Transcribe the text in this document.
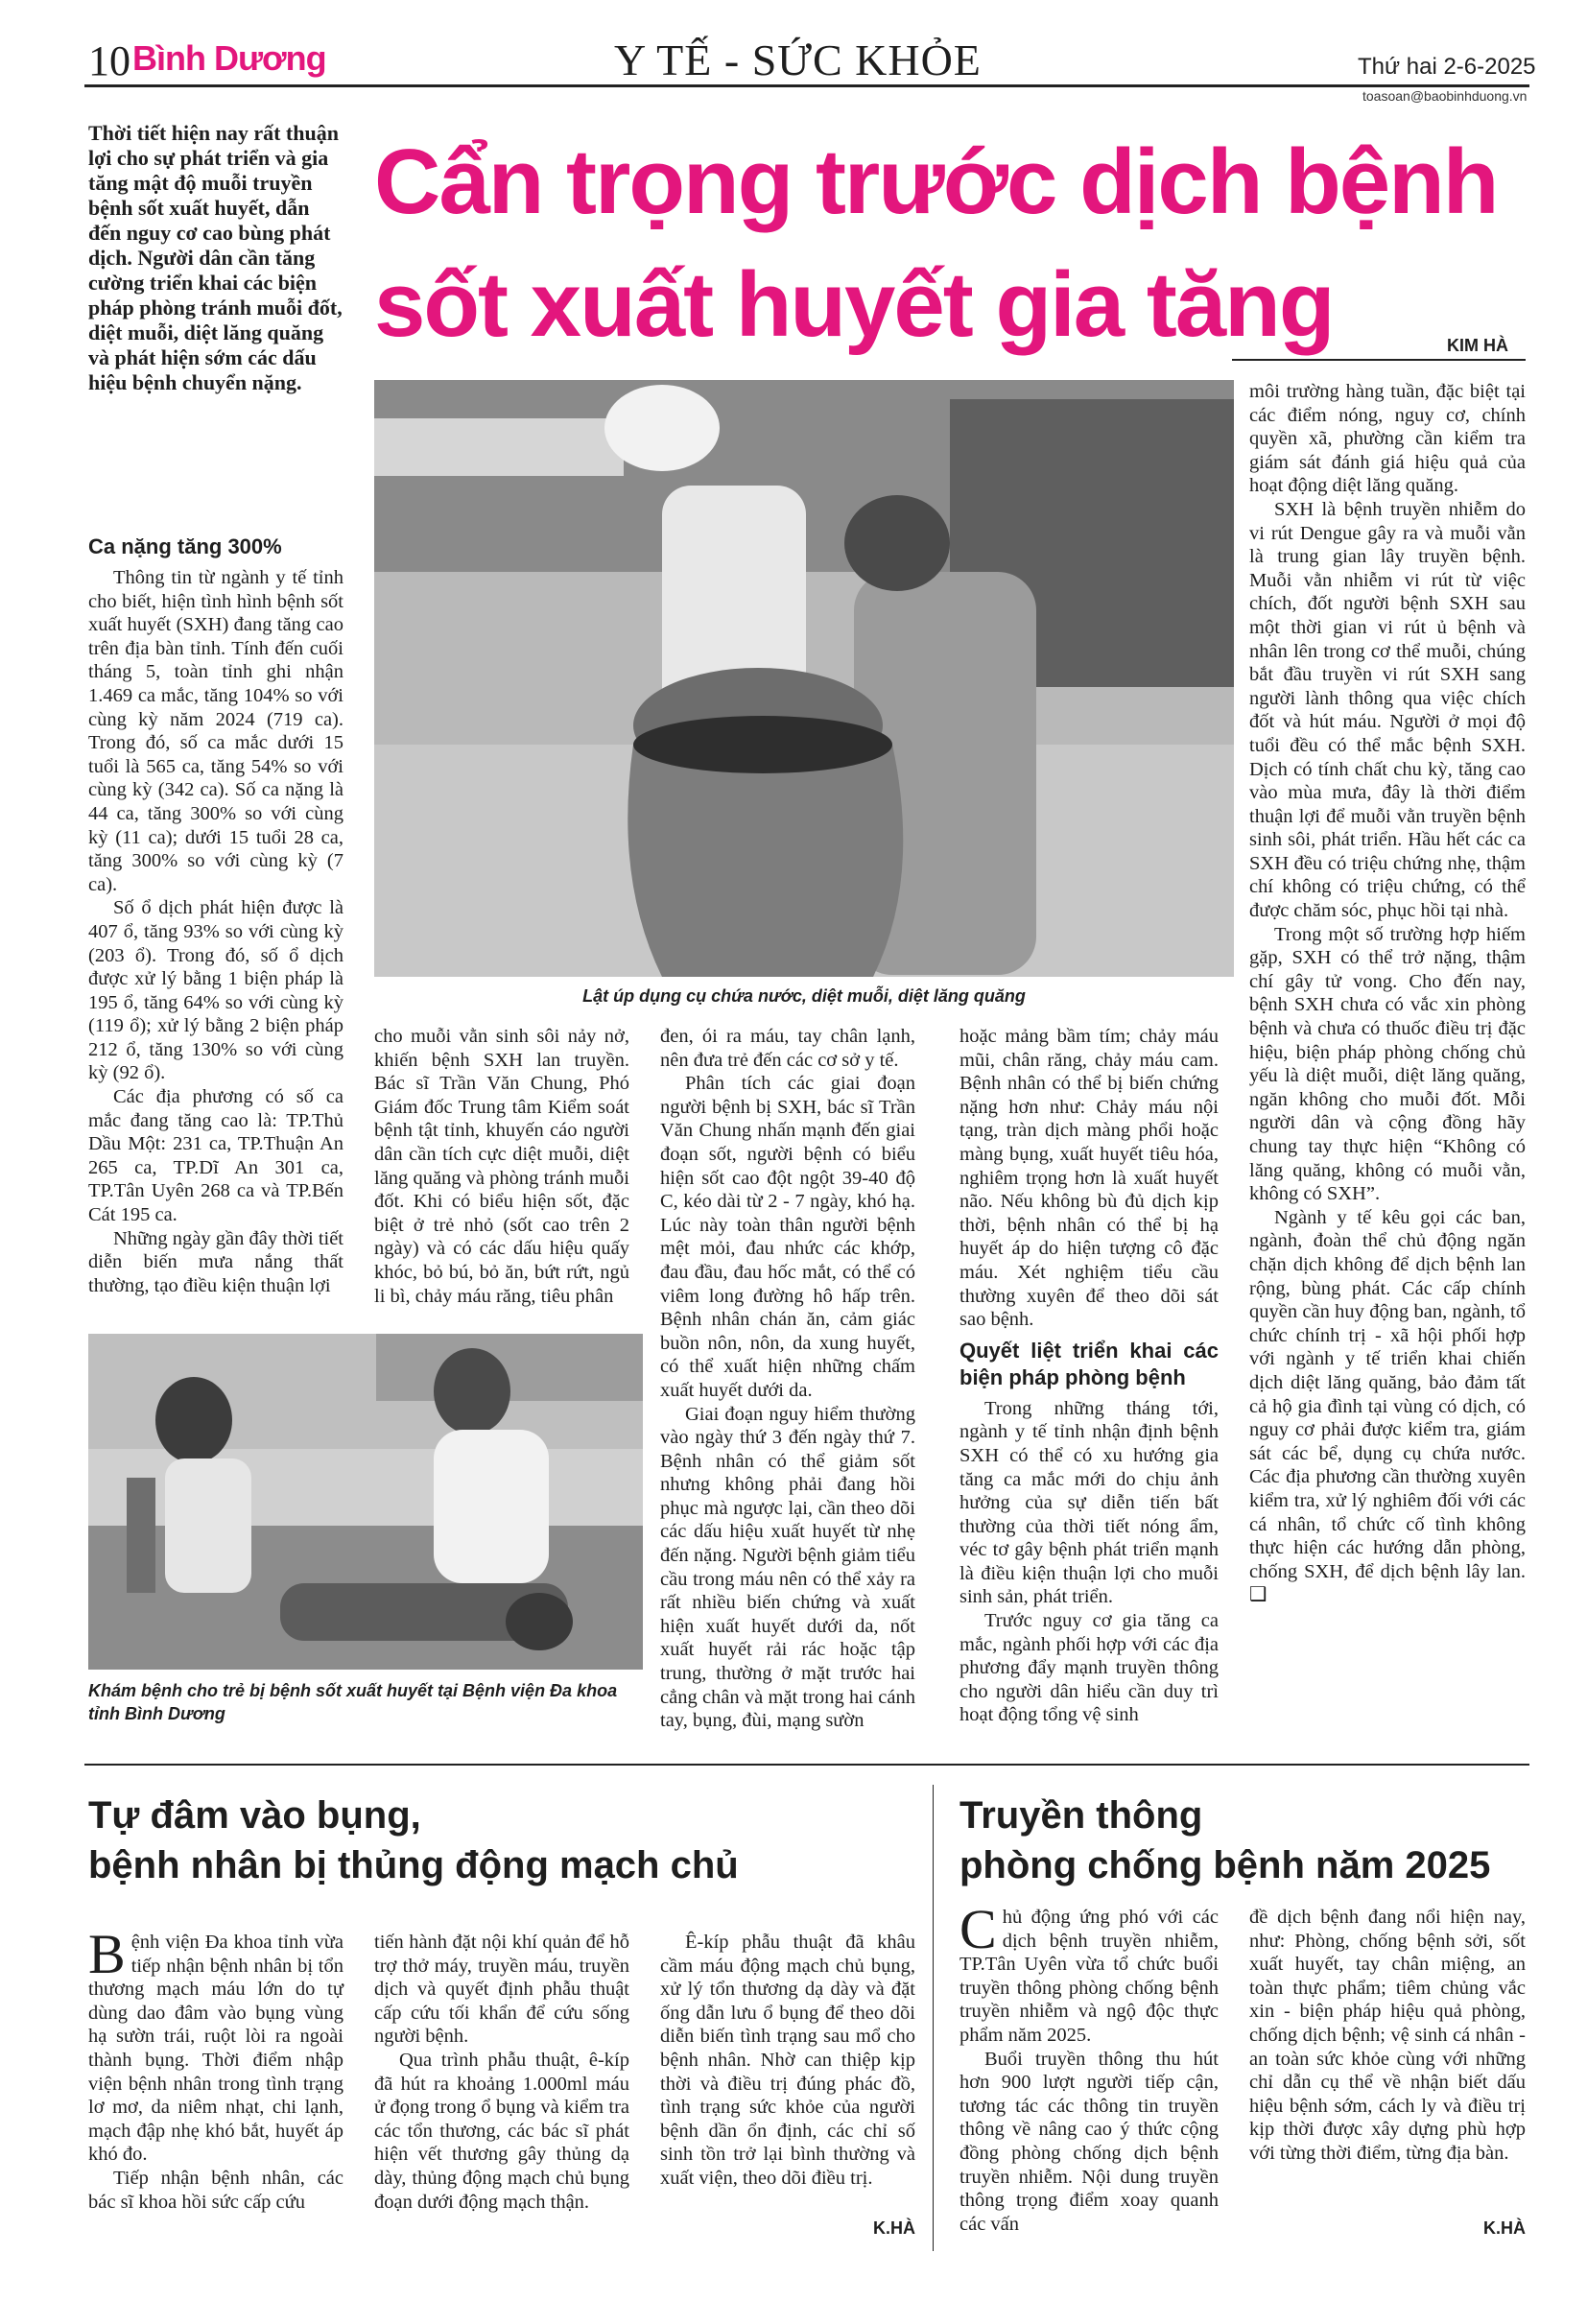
10 Bình Dương	Y TẾ - SỨC KHỎE	Thứ hai 2-6-2025
toasoan@baobinhduong.vn
Thời tiết hiện nay rất thuận lợi cho sự phát triển và gia tăng mật độ muỗi truyền bệnh sốt xuất huyết, dẫn đến nguy cơ cao bùng phát dịch. Người dân cần tăng cường triển khai các biện pháp phòng tránh muỗi đốt, diệt muỗi, diệt lăng quăng và phát hiện sớm các dấu hiệu bệnh chuyển nặng.
Cẩn trọng trước dịch bệnh
sốt xuất huyết gia tăng	KIM HÀ
Ca nặng tăng 300%

Thông tin từ ngành y tế tỉnh cho biết, hiện tình hình bệnh sốt xuất huyết (SXH) đang tăng cao trên địa bàn tỉnh. Tính đến cuối tháng 5, toàn tỉnh ghi nhận 1.469 ca mắc, tăng 104% so với cùng kỳ năm 2024 (719 ca). Trong đó, số ca mắc dưới 15 tuổi là 565 ca, tăng 54% so với cùng kỳ (342 ca). Số ca nặng là 44 ca, tăng 300% so với cùng kỳ (11 ca); dưới 15 tuổi 28 ca, tăng 300% so với cùng kỳ (7 ca).

Số ổ dịch phát hiện được là 407 ổ, tăng 93% so với cùng kỳ (203 ổ). Trong đó, số ổ dịch được xử lý bằng 1 biện pháp là 195 ổ, tăng 64% so với cùng kỳ (119 ổ); xử lý bằng 2 biện pháp 212 ổ, tăng 130% so với cùng kỳ (92 ổ).

Các địa phương có số ca mắc đang tăng cao là: TP.Thủ Dầu Một: 231 ca, TP.Thuận An 265 ca, TP.Dĩ An 301 ca, TP.Tân Uyên 268 ca và TP.Bến Cát 195 ca.

Những ngày gần đây thời tiết diễn biến mưa nắng thất thường, tạo điều kiện thuận lợi

Lật úp dụng cụ chứa nước, diệt muỗi, diệt lăng quăng

cho muỗi vằn sinh sôi nảy nở, khiến bệnh SXH lan truyền. Bác sĩ Trần Văn Chung, Phó Giám đốc Trung tâm Kiểm soát bệnh tật tỉnh, khuyến cáo người dân cần tích cực diệt muỗi, diệt lăng quăng và phòng tránh muỗi đốt. Khi có biểu hiện sốt, đặc biệt ở trẻ nhỏ (sốt cao trên 2 ngày) và có các dấu hiệu quấy khóc, bỏ bú, bỏ ăn, bứt rứt, ngủ li bì, chảy máu răng, tiêu phân

đen, ói ra máu, tay chân lạnh, nên đưa trẻ đến các cơ sở y tế.

Phân tích các giai đoạn người bệnh bị SXH, bác sĩ Trần Văn Chung nhấn mạnh đến giai đoạn sốt, người bệnh có biểu hiện sốt cao đột ngột 39-40 độ C, kéo dài từ 2 - 7 ngày, khó hạ. Lúc này toàn thân người bệnh mệt mỏi, đau nhức các khớp, đau đầu, đau hốc mắt, có thể có viêm long đường hô hấp trên. Bệnh nhân chán ăn, cảm giác buồn nôn, nôn, da xung huyết, có thể xuất hiện những chấm xuất huyết dưới da.

Giai đoạn nguy hiểm thường vào ngày thứ 3 đến ngày thứ 7. Bệnh nhân có thể giảm sốt nhưng không phải đang hồi phục mà ngược lại, cần theo dõi các dấu hiệu xuất huyết từ nhẹ đến nặng. Người bệnh giảm tiểu cầu trong máu nên có thể xảy ra rất nhiều biến chứng và xuất hiện xuất huyết dưới da, nốt xuất huyết rải rác hoặc tập trung, thường ở mặt trước hai cẳng chân và mặt trong hai cánh tay, bụng, đùi, mạng sườn

hoặc mảng bầm tím; chảy máu mũi, chân răng, chảy máu cam. Bệnh nhân có thể bị biến chứng nặng hơn như: Chảy máu nội tạng, tràn dịch màng phổi hoặc màng bụng, xuất huyết tiêu hóa, nghiêm trọng hơn là xuất huyết não. Nếu không bù đủ dịch kịp thời, bệnh nhân có thể bị hạ huyết áp do hiện tượng cô đặc máu. Xét nghiệm tiểu cầu thường xuyên để theo dõi sát sao bệnh.

Quyết liệt triển khai các biện pháp phòng bệnh

Trong những tháng tới, ngành y tế tỉnh nhận định bệnh SXH có thể có xu hướng gia tăng ca mắc mới do chịu ảnh hưởng của sự diễn tiến bất thường của thời tiết nóng ẩm, véc tơ gây bệnh phát triển mạnh là điều kiện thuận lợi cho muỗi sinh sản, phát triển.

Trước nguy cơ gia tăng ca mắc, ngành phối hợp với các địa phương đẩy mạnh truyền thông cho người dân hiểu cần duy trì hoạt động tổng vệ sinh

môi trường hàng tuần, đặc biệt tại các điểm nóng, nguy cơ, chính quyền xã, phường cần kiểm tra giám sát đánh giá hiệu quả của hoạt động diệt lăng quăng.

SXH là bệnh truyền nhiễm do vi rút Dengue gây ra và muỗi vằn là trung gian lây truyền bệnh. Muỗi vằn nhiễm vi rút từ việc chích, đốt người bệnh SXH sau một thời gian vi rút ủ bệnh và nhân lên trong cơ thể muỗi, chúng bắt đầu truyền vi rút SXH sang người lành thông qua việc chích đốt và hút máu. Người ở mọi độ tuổi đều có thể mắc bệnh SXH. Dịch có tính chất chu kỳ, tăng cao vào mùa mưa, đây là thời điểm thuận lợi để muỗi vằn truyền bệnh sinh sôi, phát triển. Hầu hết các ca SXH đều có triệu chứng nhẹ, thậm chí không có triệu chứng, có thể được chăm sóc, phục hồi tại nhà.

Trong một số trường hợp hiếm gặp, SXH có thể trở nặng, thậm chí gây tử vong. Cho đến nay, bệnh SXH chưa có vắc xin phòng bệnh và chưa có thuốc điều trị đặc hiệu, biện pháp phòng chống chủ yếu là diệt muỗi, diệt lăng quăng, ngăn không cho muỗi đốt. Mỗi người dân và cộng đồng hãy chung tay thực hiện “Không có lăng quăng, không có muỗi vằn, không có SXH”.

Ngành y tế kêu gọi các ban, ngành, đoàn thể chủ động ngăn chặn dịch không để dịch bệnh lan rộng, bùng phát. Các cấp chính quyền cần huy động ban, ngành, tổ chức chính trị - xã hội phối hợp với ngành y tế triển khai chiến dịch diệt lăng quăng, bảo đảm tất cả hộ gia đình tại vùng có dịch, có nguy cơ phải được kiểm tra, giám sát các bể, dụng cụ chứa nước. Các địa phương cần thường xuyên kiểm tra, xử lý nghiêm đối với các cá nhân, tổ chức cố tình không thực hiện các hướng dẫn phòng, chống SXH, để dịch bệnh lây lan. ❑

Khám bệnh cho trẻ bị bệnh sốt xuất huyết tại Bệnh viện Đa khoa tỉnh Bình Dương
Tự đâm vào bụng,
bệnh nhân bị thủng động mạch chủ

Bệnh viện Đa khoa tỉnh vừa tiếp nhận bệnh nhân bị tổn thương mạch máu lớn do tự dùng dao đâm vào bụng vùng hạ sườn trái, ruột lòi ra ngoài thành bụng. Thời điểm nhập viện bệnh nhân trong tình trạng lơ mơ, da niêm nhạt, chi lạnh, mạch đập nhẹ khó bắt, huyết áp khó đo.

Tiếp nhận bệnh nhân, các bác sĩ khoa hồi sức cấp cứu

tiến hành đặt nội khí quản để hỗ trợ thở máy, truyền máu, truyền dịch và quyết định phẫu thuật cấp cứu tối khẩn để cứu sống người bệnh.

Qua trình phẫu thuật, ê-kíp đã hút ra khoảng 1.000ml máu ử đọng trong ổ bụng và kiểm tra các tổn thương, các bác sĩ phát hiện vết thương gây thủng dạ dày, thủng động mạch chủ bụng đoạn dưới động mạch thận.

Ê-kíp phẫu thuật đã khâu cầm máu động mạch chủ bụng, xử lý tổn thương dạ dày và đặt ống dẫn lưu ổ bụng để theo dõi diễn biến tình trạng sau mổ cho bệnh nhân. Nhờ can thiệp kịp thời và điều trị đúng phác đồ, tình trạng sức khỏe của người bệnh dần ổn định, các chỉ số sinh tồn trở lại bình thường và xuất viện, theo dõi điều trị.

K.HÀ
Truyền thông
phòng chống bệnh năm 2025

Chủ động ứng phó với các dịch bệnh truyền nhiễm, TP.Tân Uyên vừa tổ chức buổi truyền thông phòng chống bệnh truyền nhiễm và ngộ độc thực phẩm năm 2025.

Buổi truyền thông thu hút hơn 900 lượt người tiếp cận, tương tác các thông tin truyền thông về nâng cao ý thức cộng đồng phòng chống dịch bệnh truyền nhiễm. Nội dung truyền thông trọng điểm xoay quanh các vấn

đề dịch bệnh đang nổi hiện nay, như: Phòng, chống bệnh sởi, sốt xuất huyết, tay chân miệng, an toàn thực phẩm; tiêm chủng vắc xin - biện pháp hiệu quả phòng, chống dịch bệnh; vệ sinh cá nhân - an toàn sức khỏe cùng với những chỉ dẫn cụ thể về nhận biết dấu hiệu bệnh sớm, cách ly và điều trị kịp thời được xây dựng phù hợp với từng thời điểm, từng địa bàn.

K.HÀ
